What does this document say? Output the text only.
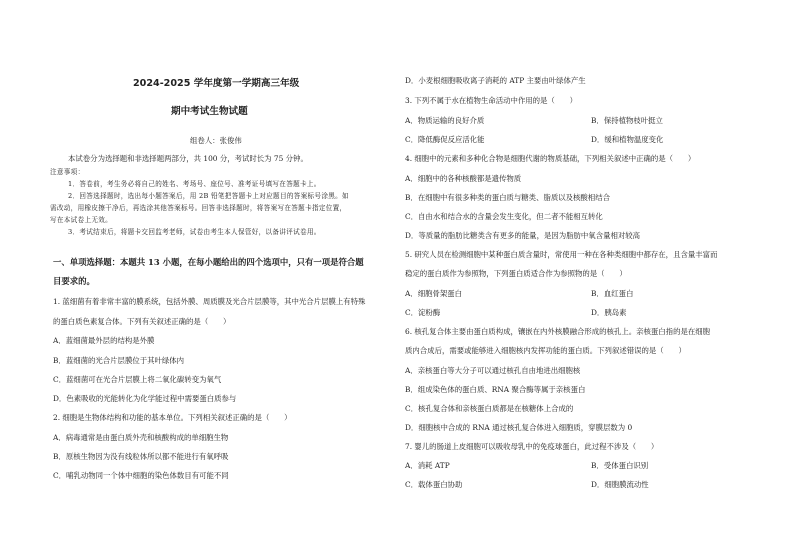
2024-2025 学年度第一学期高三年级
期中考试生物试题
组卷人：张俊伟
本试卷分为选择题和非选择题两部分，共 100 分，考试时长为 75 分钟。
注意事项：
1．答卷前，考生务必将自己的姓名、考场号、座位号、准考证号填写在答题卡上。
2．回答选择题时，选出每小题答案后，用 2B 铅笔把答题卡上对应题目的答案标号涂黑。如
需改动，用橡皮擦干净后，再选涂其他答案标号。回答非选择题时，将答案写在答题卡指定位置，
写在本试卷上无效。
3．考试结束后，将题卡交回监考老师，试卷由考生本人保管好，以备讲评试卷用。
一、单项选择题：本题共 13 小题，在每小题给出的四个选项中，只有一项是符合题
目要求的。
1. 蓝细菌有着非常丰富的膜系统，包括外膜、周质膜及光合片层膜等，其中光合片层膜上有特殊
的蛋白质色素复合体。下列有关叙述正确的是（　　）
A．蓝细菌最外层的结构是外膜
B．蓝细菌的光合片层膜位于其叶绿体内
C．蓝细菌可在光合片层膜上将二氧化碳转变为氧气
D．色素吸收的光能转化为化学能过程中需要蛋白质参与
2. 细胞是生物体结构和功能的基本单位。下列相关叙述正确的是（　　）
A．病毒通常是由蛋白质外壳和核酸构成的单细胞生物
B．原核生物因为没有线粒体所以都不能进行有氧呼吸
C．哺乳动物同一个体中细胞的染色体数目有可能不同
D．小麦根细胞吸收离子消耗的 ATP 主要由叶绿体产生
3. 下列不属于水在植物生命活动中作用的是（　　）
A．物质运输的良好介质	B．保持植物枝叶挺立
C．降低酶促反应活化能	D．缓和植物温度变化
4. 细胞中的元素和多种化合物是细胞代谢的物质基础，下列相关叙述中正确的是（　　）
A．细胞中的各种核酸都是遗传物质
B．在细胞中有很多种类的蛋白质与糖类、脂质以及核酸相结合
C．自由水和结合水的含量会发生变化，但二者不能相互转化
D．等质量的脂肪比糖类含有更多的能量，是因为脂肪中氧含量相对较高
5. 研究人员在检测细胞中某种蛋白质含量时，常使用一种在各种类细胞中都存在，且含量丰富而
稳定的蛋白质作为参照物，下列蛋白质适合作为参照物的是（　　）
A．细胞骨架蛋白	B．血红蛋白
C．淀粉酶	D．胰岛素
6. 核孔复合体主要由蛋白质构成，镶嵌在内外核膜融合形成的核孔上。亲核蛋白指的是在细胞
质内合成后，需要或能够进入细胞核内发挥功能的蛋白质。下列叙述错误的是（　　）
A．亲核蛋白等大分子可以通过核孔自由地进出细胞核
B．组成染色体的蛋白质、RNA 聚合酶等属于亲核蛋白
C．核孔复合体和亲核蛋白质都是在核糖体上合成的
D．细胞核中合成的 RNA 通过核孔复合体进入细胞质，穿膜层数为 0
7. 婴儿的肠道上皮细胞可以吸收母乳中的免疫球蛋白，此过程不涉及（　　）
A．消耗 ATP	B．受体蛋白识别
C．载体蛋白协助	D．细胞膜流动性
